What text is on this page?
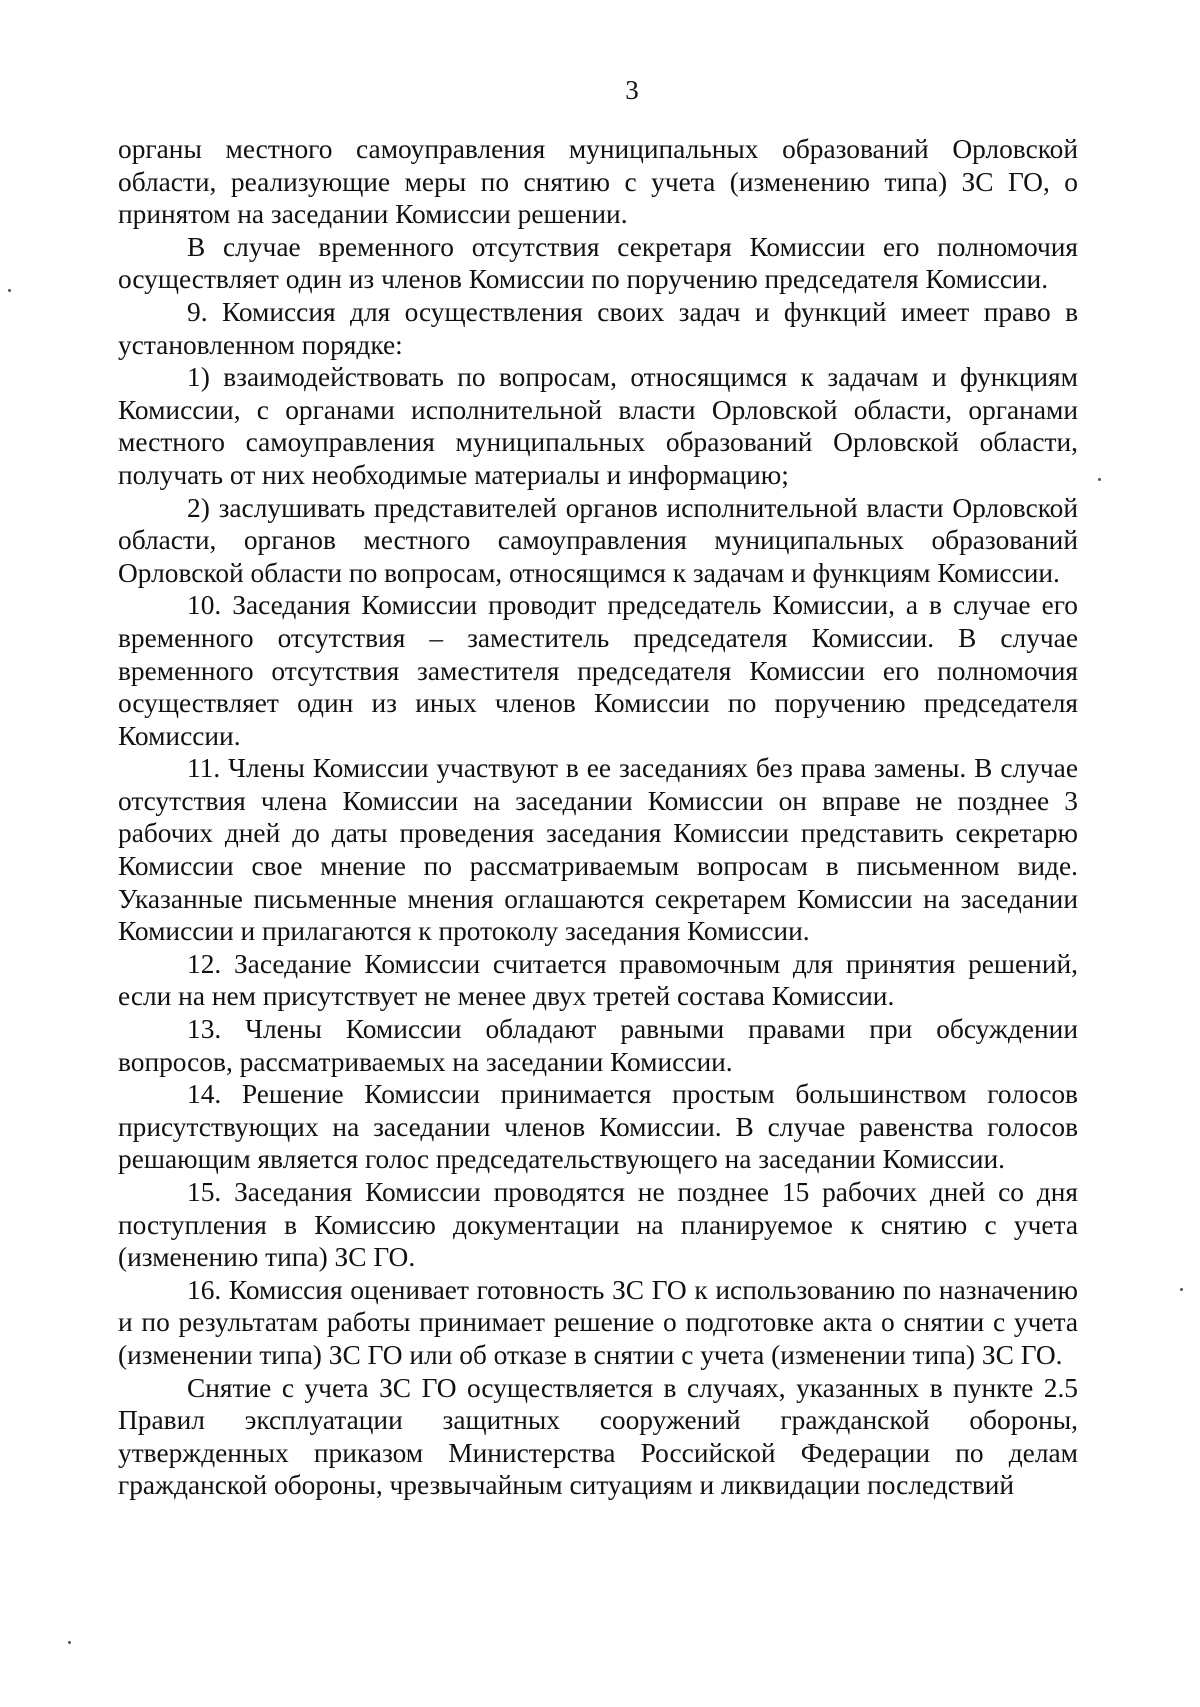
3

органы местного самоуправления муниципальных образований Орловской области, реализующие меры по снятию с учета (изменению типа) ЗС ГО, о принятом на заседании Комиссии решении.

В случае временного отсутствия секретаря Комиссии его полномочия осуществляет один из членов Комиссии по поручению председателя Комиссии.

9. Комиссия для осуществления своих задач и функций имеет право в установленном порядке:

1) взаимодействовать по вопросам, относящимся к задачам и функциям Комиссии, с органами исполнительной власти Орловской области, органами местного самоуправления муниципальных образований Орловской области, получать от них необходимые материалы и информацию;

2) заслушивать представителей органов исполнительной власти Орловской области, органов местного самоуправления муниципальных образований Орловской области по вопросам, относящимся к задачам и функциям Комиссии.

10. Заседания Комиссии проводит председатель Комиссии, а в случае его временного отсутствия – заместитель председателя Комиссии. В случае временного отсутствия заместителя председателя Комиссии его полномочия осуществляет один из иных членов Комиссии по поручению председателя Комиссии.

11. Члены Комиссии участвуют в ее заседаниях без права замены. В случае отсутствия члена Комиссии на заседании Комиссии он вправе не позднее 3 рабочих дней до даты проведения заседания Комиссии представить секретарю Комиссии свое мнение по рассматриваемым вопросам в письменном виде. Указанные письменные мнения оглашаются секретарем Комиссии на заседании Комиссии и прилагаются к протоколу заседания Комиссии.

12. Заседание Комиссии считается правомочным для принятия решений, если на нем присутствует не менее двух третей состава Комиссии.

13. Члены Комиссии обладают равными правами при обсуждении вопросов, рассматриваемых на заседании Комиссии.

14. Решение Комиссии принимается простым большинством голосов присутствующих на заседании членов Комиссии. В случае равенства голосов решающим является голос председательствующего на заседании Комиссии.

15. Заседания Комиссии проводятся не позднее 15 рабочих дней со дня поступления в Комиссию документации на планируемое к снятию с учета (изменению типа) ЗС ГО.

16. Комиссия оценивает готовность ЗС ГО к использованию по назначению и по результатам работы принимает решение о подготовке акта о снятии с учета (изменении типа) ЗС ГО или об отказе в снятии с учета (изменении типа) ЗС ГО.

Снятие с учета ЗС ГО осуществляется в случаях, указанных в пункте 2.5 Правил эксплуатации защитных сооружений гражданской обороны, утвержденных приказом Министерства Российской Федерации по делам гражданской обороны, чрезвычайным ситуациям и ликвидации последствий
